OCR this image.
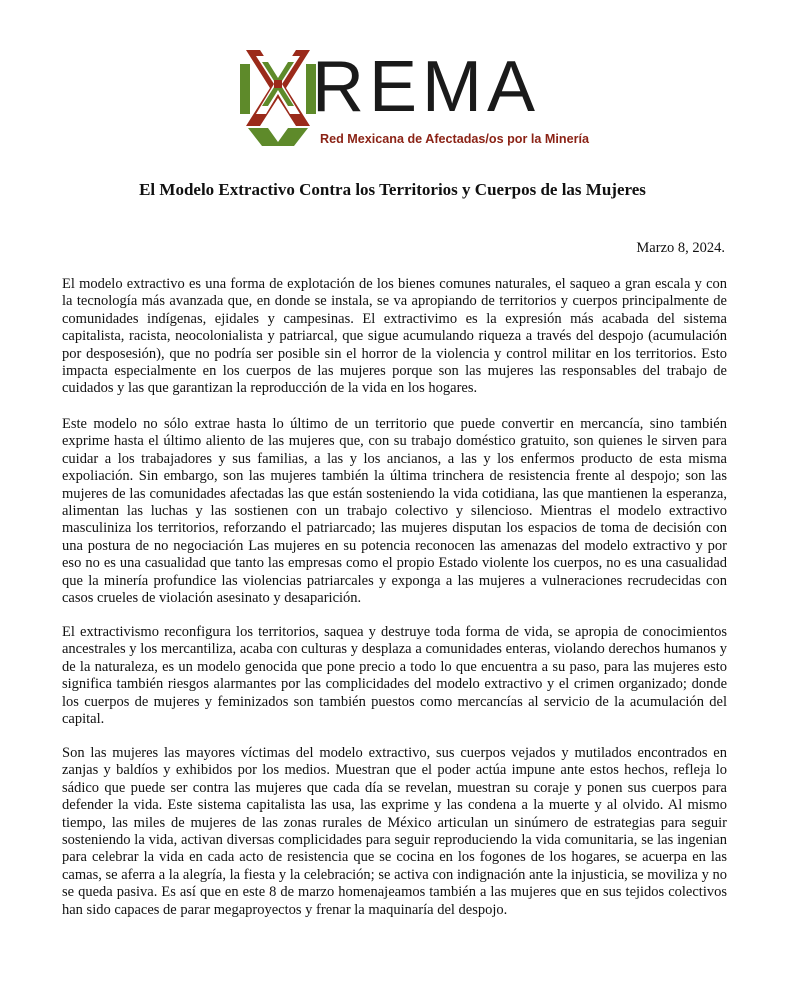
REMA
Red Mexicana de Afectadas/os por la Minería
El Modelo Extractivo Contra los Territorios y Cuerpos de las Mujeres

Marzo 8, 2024.

El modelo extractivo es una forma de explotación de los bienes comunes naturales, el saqueo a gran escala y con la tecnología más avanzada que, en donde se instala, se va apropiando de territorios y cuerpos principalmente de comunidades indígenas, ejidales y campesinas. El extractivimo es la expresión más acabada del sistema capitalista, racista, neocolonialista y patriarcal, que sigue acumulando riqueza a través del despojo (acumulación por desposesión), que no podría ser posible sin el horror de la violencia y control militar en los territorios. Esto impacta especialmente en los cuerpos de las mujeres porque son las mujeres las responsables del trabajo de cuidados y las que garantizan la reproducción de la vida en los hogares.

Este modelo no sólo extrae hasta lo último de un territorio que puede convertir en mercancía, sino también exprime hasta el último aliento de las mujeres que, con su trabajo doméstico gratuito, son quienes le sirven para cuidar a los trabajadores y sus familias, a las y los ancianos, a las y los enfermos producto de esta misma expoliación. Sin embargo, son las mujeres también la última trinchera de resistencia frente al despojo; son las mujeres de las comunidades afectadas las que están sosteniendo la vida cotidiana, las que mantienen la esperanza, alimentan las luchas y las sostienen con un trabajo colectivo y silencioso. Mientras el modelo extractivo masculiniza los territorios, reforzando el patriarcado; las mujeres disputan los espacios de toma de decisión con una postura de no negociación Las mujeres en su potencia reconocen las amenazas del modelo extractivo y por eso no es una casualidad que tanto las empresas como el propio Estado violente los cuerpos, no es una casualidad que la minería profundice las violencias patriarcales y exponga a las mujeres a vulneraciones recrudecidas con casos crueles de violación asesinato y desaparición.

El extractivismo reconfigura los territorios, saquea y destruye toda forma de vida, se apropia de conocimientos ancestrales y los mercantiliza, acaba con culturas y desplaza a comunidades enteras, violando derechos humanos y de la naturaleza, es un modelo genocida que pone precio a todo lo que encuentra a su paso, para las mujeres esto significa también riesgos alarmantes por las complicidades del modelo extractivo y el crimen organizado; donde los cuerpos de mujeres y feminizados son también puestos como mercancías al servicio de la acumulación del capital.

Son las mujeres las mayores víctimas del modelo extractivo, sus cuerpos vejados y mutilados encontrados en zanjas y baldíos y exhibidos por los medios. Muestran que el poder actúa impune ante estos hechos, refleja lo sádico que puede ser contra las mujeres que cada día se revelan, muestran su coraje y ponen sus cuerpos para defender la vida. Este sistema capitalista las usa, las exprime y las condena a la muerte y al olvido. Al mismo tiempo, las miles de mujeres de las zonas rurales de México articulan un sinúmero de estrategias para seguir sosteniendo la vida, activan diversas complicidades para seguir reproduciendo la vida comunitaria, se las ingenian para celebrar la vida en cada acto de resistencia que se cocina en los fogones de los hogares, se acuerpa en las camas, se aferra a la alegría, la fiesta y la celebración; se activa con indignación ante la injusticia, se moviliza y no se queda pasiva. Es así que en este 8 de marzo homenajeamos también a las mujeres que en sus tejidos colectivos han sido capaces de parar megaproyectos y frenar la maquinaría del despojo.
